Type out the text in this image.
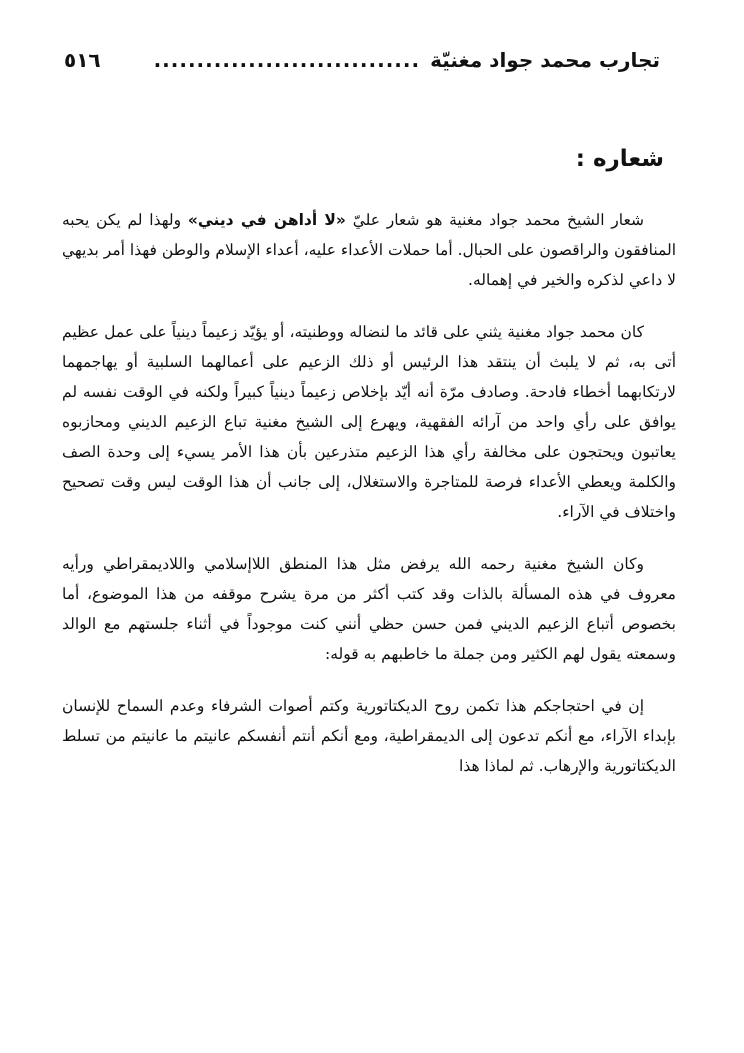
تجارب محمد جواد مغنيّة
...............................
٥١٦
شعاره :

شعار الشيخ محمد جواد مغنية هو شعار عليّ «لا أداهن في ديني» ولهذا لم يكن يحبه المنافقون والراقصون على الحبال. أما حملات الأعداء عليه، أعداء الإسلام والوطن فهذا أمر بديهي لا داعي لذكره والخير في إهماله.

كان محمد جواد مغنية يثني على قائد ما لنضاله ووطنيته، أو يؤيّد زعيماً دينياً على عمل عظيم أتى به، ثم لا يلبث أن ينتقد هذا الرئيس أو ذلك الزعيم على أعمالهما السلبية أو يهاجمهما لارتكابهما أخطاء فادحة. وصادف مرّة أنه أيّد بإخلاص زعيماً دينياً كبيراً ولكنه في الوقت نفسه لم يوافق على رأي واحد من آرائه الفقهية، ويهرع إلى الشيخ مغنية تباع الزعيم الديني ومحازبوه يعاتبون ويحتجون على مخالفة رأي هذا الزعيم متذرعين بأن هذا الأمر يسيء إلى وحدة الصف والكلمة ويعطي الأعداء فرصة للمتاجرة والاستغلال، إلى جانب أن هذا الوقت ليس وقت تصحيح واختلاف في الآراء.

وكان الشيخ مغنية رحمه الله يرفض مثل هذا المنطق اللاإسلامي واللاديمقراطي ورأيه معروف في هذه المسألة بالذات وقد كتب أكثر من مرة يشرح موقفه من هذا الموضوع، أما بخصوص أتباع الزعيم الديني فمن حسن حظي أنني كنت موجوداً في أثناء جلستهم مع الوالد وسمعته يقول لهم الكثير ومن جملة ما خاطبهم به قوله:

إن في احتجاجكم هذا تكمن روح الديكتاتورية وكتم أصوات الشرفاء وعدم السماح للإنسان بإبداء الآراء، مع أنكم تدعون إلى الديمقراطية، ومع أنكم أنتم أنفسكم عانيتم ما عانيتم من تسلط الديكتاتورية والإرهاب. ثم لماذا هذا
